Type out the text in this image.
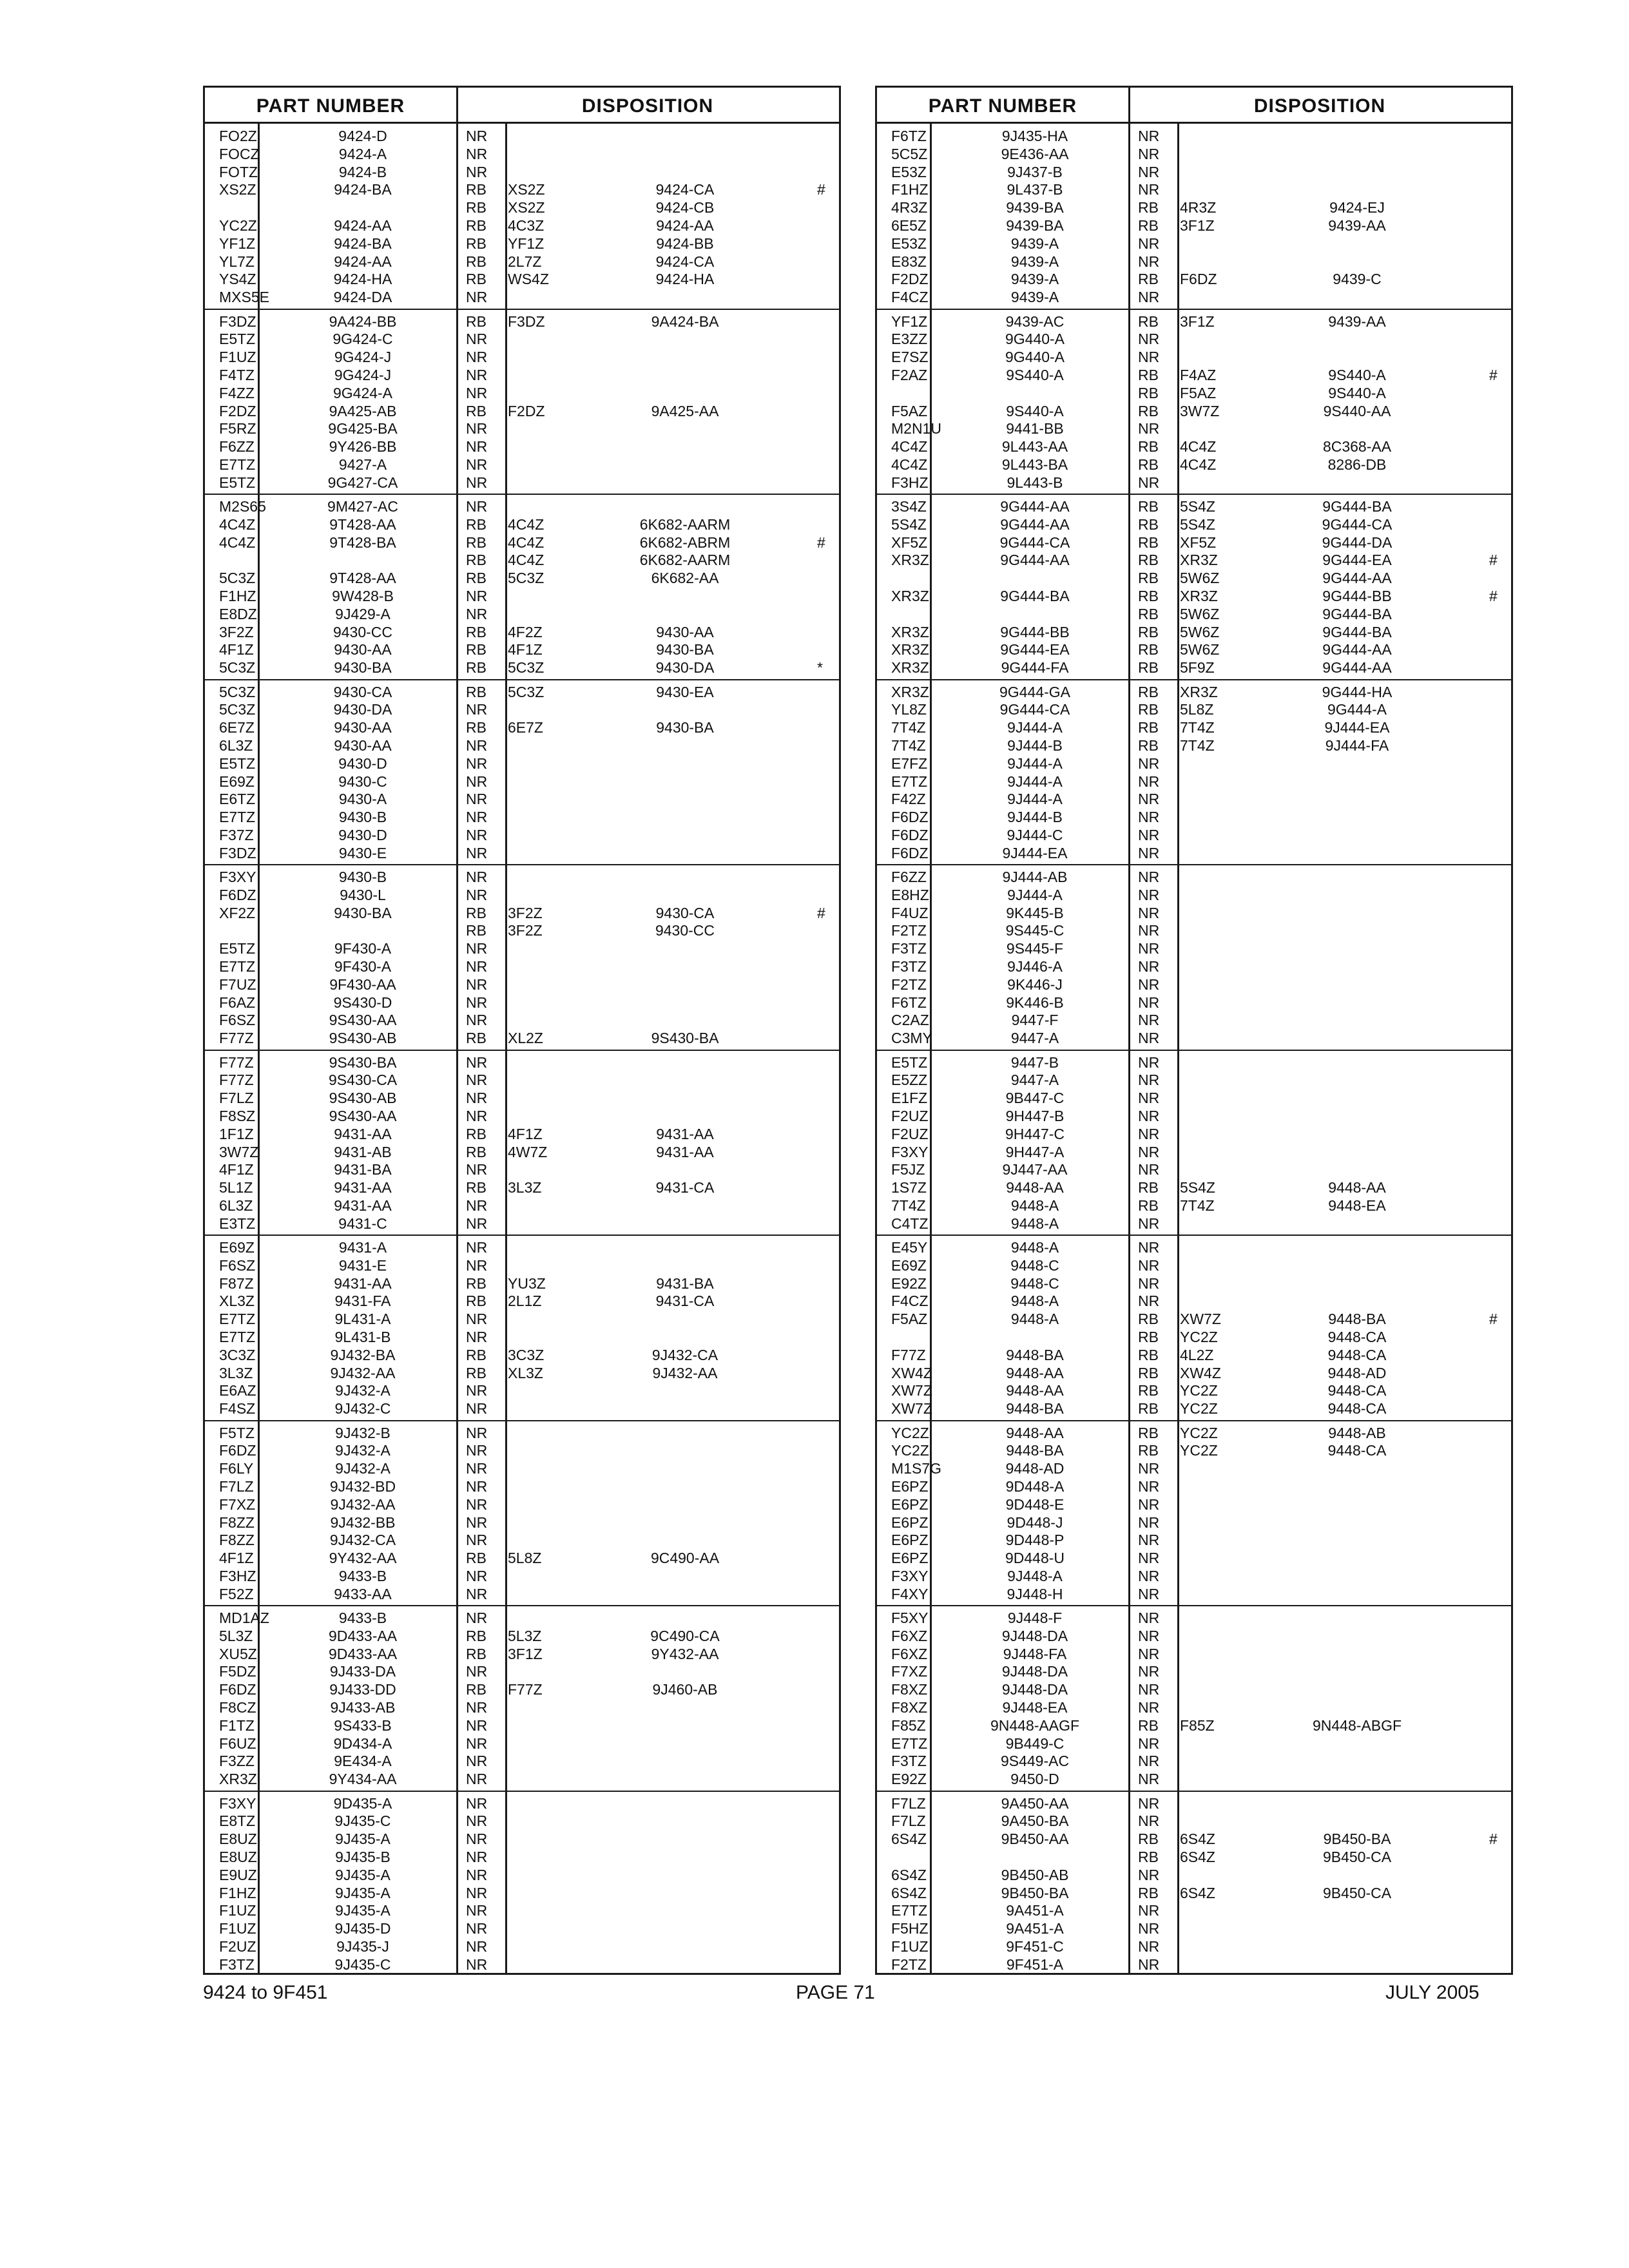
PART NUMBER	DISPOSITION
FO2Z	9424-D	NR
FOCZ	9424-A	NR
FOTZ	9424-B	NR
XS2Z	9424-BA	RB XS2Z	9424-CA	#
RB XS2Z	9424-CB
YC2Z	9424-AA	RB 4C3Z	9424-AA
YF1Z	9424-BA	RB YF1Z	9424-BB
YL7Z	9424-AA	RB 2L7Z	9424-CA
YS4Z	9424-HA	RB WS4Z	9424-HA
MXS5E	9424-DA	NR
F3DZ	9A424-BB	RB F3DZ	9A424-BA
E5TZ	9G424-C	NR
F1UZ	9G424-J	NR
F4TZ	9G424-J	NR
F4ZZ	9G424-A	NR
F2DZ	9A425-AB	RB F2DZ	9A425-AA
F5RZ	9G425-BA	NR
F6ZZ	9Y426-BB	NR
E7TZ	9427-A	NR
E5TZ	9G427-CA	NR
M2S65	9M427-AC	NR
4C4Z	9T428-AA	RB 4C4Z	6K682-AARM
4C4Z	9T428-BA	RB 4C4Z	6K682-ABRM	#
RB 4C4Z	6K682-AARM
5C3Z	9T428-AA	RB 5C3Z	6K682-AA
F1HZ	9W428-B	NR
E8DZ	9J429-A	NR
3F2Z	9430-CC	RB 4F2Z	9430-AA
4F1Z	9430-AA	RB 4F1Z	9430-BA
5C3Z	9430-BA	RB 5C3Z	9430-DA	*
5C3Z	9430-CA	RB 5C3Z	9430-EA
5C3Z	9430-DA	NR
6E7Z	9430-AA	RB 6E7Z	9430-BA
6L3Z	9430-AA	NR
E5TZ	9430-D	NR
E69Z	9430-C	NR
E6TZ	9430-A	NR
E7TZ	9430-B	NR
F37Z	9430-D	NR
F3DZ	9430-E	NR
F3XY	9430-B	NR
F6DZ	9430-L	NR
XF2Z	9430-BA	RB 3F2Z	9430-CA	#
RB 3F2Z	9430-CC
E5TZ	9F430-A	NR
E7TZ	9F430-A	NR
F7UZ	9F430-AA	NR
F6AZ	9S430-D	NR
F6SZ	9S430-AA	NR
F77Z	9S430-AB	RB XL2Z	9S430-BA
F77Z	9S430-BA	NR
F77Z	9S430-CA	NR
F7LZ	9S430-AB	NR
F8SZ	9S430-AA	NR
1F1Z	9431-AA	RB 4F1Z	9431-AA
3W7Z	9431-AB	RB 4W7Z	9431-AA
4F1Z	9431-BA	NR
5L1Z	9431-AA	RB 3L3Z	9431-CA
6L3Z	9431-AA	NR
E3TZ	9431-C	NR
E69Z	9431-A	NR
F6SZ	9431-E	NR
F87Z	9431-AA	RB YU3Z	9431-BA
XL3Z	9431-FA	RB 2L1Z	9431-CA
E7TZ	9L431-A	NR
E7TZ	9L431-B	NR
3C3Z	9J432-BA	RB 3C3Z	9J432-CA
3L3Z	9J432-AA	RB XL3Z	9J432-AA
E6AZ	9J432-A	NR
F4SZ	9J432-C	NR
F5TZ	9J432-B	NR
F6DZ	9J432-A	NR
F6LY	9J432-A	NR
F7LZ	9J432-BD	NR
F7XZ	9J432-AA	NR
F8ZZ	9J432-BB	NR
F8ZZ	9J432-CA	NR
4F1Z	9Y432-AA	RB 5L8Z	9C490-AA
F3HZ	9433-B	NR
F52Z	9433-AA	NR
MD1AZ	9433-B	NR
5L3Z	9D433-AA	RB 5L3Z	9C490-CA
XU5Z	9D433-AA	RB 3F1Z	9Y432-AA
F5DZ	9J433-DA	NR
F6DZ	9J433-DD	RB F77Z	9J460-AB
F8CZ	9J433-AB	NR
F1TZ	9S433-B	NR
F6UZ	9D434-A	NR
F3ZZ	9E434-A	NR
XR3Z	9Y434-AA	NR
F3XY	9D435-A	NR
E8TZ	9J435-C	NR
E8UZ	9J435-A	NR
E8UZ	9J435-B	NR
E9UZ	9J435-A	NR
F1HZ	9J435-A	NR
F1UZ	9J435-A	NR
F1UZ	9J435-D	NR
F2UZ	9J435-J	NR
F3TZ	9J435-C	NR
PART NUMBER	DISPOSITION
F6TZ	9J435-HA	NR
5C5Z	9E436-AA	NR
E53Z	9J437-B	NR
F1HZ	9L437-B	NR
4R3Z	9439-BA	RB 4R3Z	9424-EJ
6E5Z	9439-BA	RB 3F1Z	9439-AA
E53Z	9439-A	NR
E83Z	9439-A	NR
F2DZ	9439-A	RB F6DZ	9439-C
F4CZ	9439-A	NR
YF1Z	9439-AC	RB 3F1Z	9439-AA
E3ZZ	9G440-A	NR
E7SZ	9G440-A	NR
F2AZ	9S440-A	RB F4AZ	9S440-A	#
RB F5AZ	9S440-A
F5AZ	9S440-A	RB 3W7Z	9S440-AA
M2N1U	9441-BB	NR
4C4Z	9L443-AA	RB 4C4Z	8C368-AA
4C4Z	9L443-BA	RB 4C4Z	8286-DB
F3HZ	9L443-B	NR
3S4Z	9G444-AA	RB 5S4Z	9G444-BA
5S4Z	9G444-AA	RB 5S4Z	9G444-CA
XF5Z	9G444-CA	RB XF5Z	9G444-DA
XR3Z	9G444-AA	RB XR3Z	9G444-EA	#
RB 5W6Z	9G444-AA
XR3Z	9G444-BA	RB XR3Z	9G444-BB	#
RB 5W6Z	9G444-BA
XR3Z	9G444-BB	RB 5W6Z	9G444-BA
XR3Z	9G444-EA	RB 5W6Z	9G444-AA
XR3Z	9G444-FA	RB 5F9Z	9G444-AA
XR3Z	9G444-GA	RB XR3Z	9G444-HA
YL8Z	9G444-CA	RB 5L8Z	9G444-A
7T4Z	9J444-A	RB 7T4Z	9J444-EA
7T4Z	9J444-B	RB 7T4Z	9J444-FA
E7FZ	9J444-A	NR
E7TZ	9J444-A	NR
F42Z	9J444-A	NR
F6DZ	9J444-B	NR
F6DZ	9J444-C	NR
F6DZ	9J444-EA	NR
F6ZZ	9J444-AB	NR
E8HZ	9J444-A	NR
F4UZ	9K445-B	NR
F2TZ	9S445-C	NR
F3TZ	9S445-F	NR
F3TZ	9J446-A	NR
F2TZ	9K446-J	NR
F6TZ	9K446-B	NR
C2AZ	9447-F	NR
C3MY	9447-A	NR
E5TZ	9447-B	NR
E5ZZ	9447-A	NR
E1FZ	9B447-C	NR
F2UZ	9H447-B	NR
F2UZ	9H447-C	NR
F3XY	9H447-A	NR
F5JZ	9J447-AA	NR
1S7Z	9448-AA	RB 5S4Z	9448-AA
7T4Z	9448-A	RB 7T4Z	9448-EA
C4TZ	9448-A	NR
E45Y	9448-A	NR
E69Z	9448-C	NR
E92Z	9448-C	NR
F4CZ	9448-A	NR
F5AZ	9448-A	RB XW7Z	9448-BA	#
RB YC2Z	9448-CA
F77Z	9448-BA	RB 4L2Z	9448-CA
XW4Z	9448-AA	RB XW4Z	9448-AD
XW7Z	9448-AA	RB YC2Z	9448-CA
XW7Z	9448-BA	RB YC2Z	9448-CA
YC2Z	9448-AA	RB YC2Z	9448-AB
YC2Z	9448-BA	RB YC2Z	9448-CA
M1S7G	9448-AD	NR
E6PZ	9D448-A	NR
E6PZ	9D448-E	NR
E6PZ	9D448-J	NR
E6PZ	9D448-P	NR
E6PZ	9D448-U	NR
F3XY	9J448-A	NR
F4XY	9J448-H	NR
F5XY	9J448-F	NR
F6XZ	9J448-DA	NR
F6XZ	9J448-FA	NR
F7XZ	9J448-DA	NR
F8XZ	9J448-DA	NR
F8XZ	9J448-EA	NR
F85Z	9N448-AAGF	RB F85Z	9N448-ABGF
E7TZ	9B449-C	NR
F3TZ	9S449-AC	NR
E92Z	9450-D	NR
F7LZ	9A450-AA	NR
F7LZ	9A450-BA	NR
6S4Z	9B450-AA	RB 6S4Z	9B450-BA	#
RB 6S4Z	9B450-CA
6S4Z	9B450-AB	NR
6S4Z	9B450-BA	RB 6S4Z	9B450-CA
E7TZ	9A451-A	NR
F5HZ	9A451-A	NR
F1UZ	9F451-C	NR
F2TZ	9F451-A	NR
9424 to 9F451	PAGE 71	JULY 2005
